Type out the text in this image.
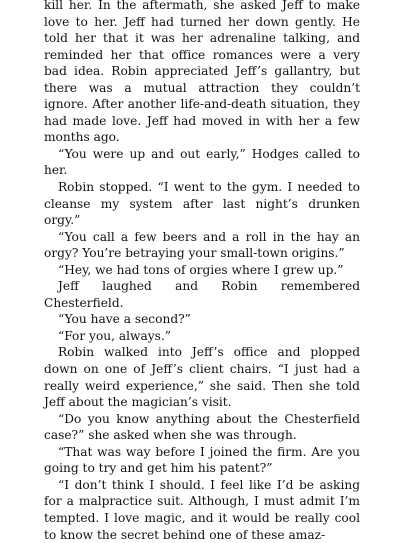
kill her. In the aftermath, she asked Jeff to make love to her. Jeff had turned her down gently. He told her that it was her adrenaline talking, and reminded her that office romances were a very bad idea. Robin appreciated Jeff’s gallantry, but there was a mutual attraction they couldn’t ignore. After another life-and-death situation, they had made love. Jeff had moved in with her a few months ago.

“You were up and out early,” Hodges called to her.

Robin stopped. “I went to the gym. I needed to cleanse my system after last night’s drunken orgy.”

“You call a few beers and a roll in the hay an orgy? You’re betraying your small-town origins.”

“Hey, we had tons of orgies where I grew up.”

Jeff laughed and Robin remembered Chesterfield.

“You have a second?”

“For you, always.”

Robin walked into Jeff’s office and plopped down on one of Jeff’s client chairs. “I just had a really weird experience,” she said. Then she told Jeff about the magician’s visit.

“Do you know anything about the Chesterfield case?” she asked when she was through.

“That was way before I joined the firm. Are you going to try and get him his patent?”

“I don’t think I should. I feel like I’d be asking for a malpractice suit. Although, I must admit I’m tempted. I love magic, and it would be really cool to know the secret behind one of these amaz-
